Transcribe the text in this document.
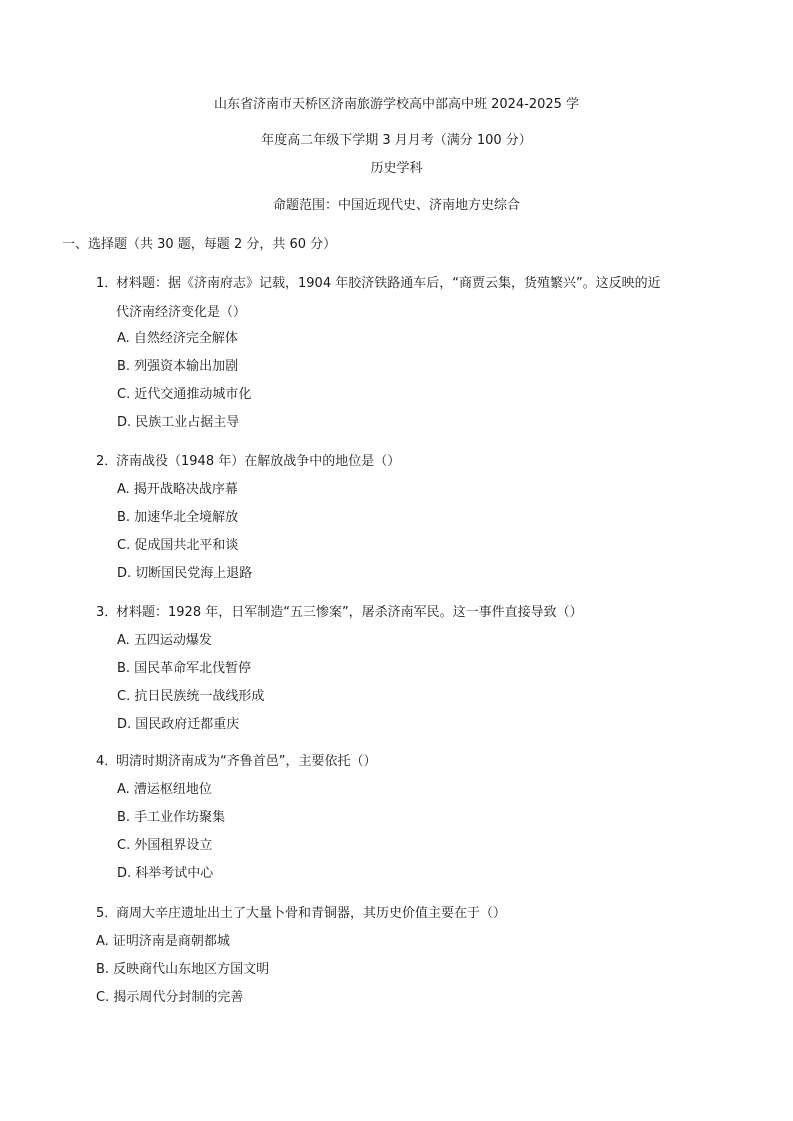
山东省济南市天桥区济南旅游学校高中部高中班 2024-2025 学
年度高二年级下学期 3 月月考（满分 100 分）
历史学科
命题范围：中国近现代史、济南地方史综合
一、选择题（共 30 题，每题 2 分，共 60 分）
1．材料题：据《济南府志》记载，1904 年胶济铁路通车后，“商贾云集，货殖繁兴”。这反映的近
代济南经济变化是（）
A. 自然经济完全解体
B. 列强资本输出加剧
C. 近代交通推动城市化
D. 民族工业占据主导
2．济南战役（1948 年）在解放战争中的地位是（）
A. 揭开战略决战序幕
B. 加速华北全境解放
C. 促成国共北平和谈
D. 切断国民党海上退路
3．材料题：1928 年，日军制造“五三惨案”，屠杀济南军民。这一事件直接导致（）
A. 五四运动爆发
B. 国民革命军北伐暂停
C. 抗日民族统一战线形成
D. 国民政府迁都重庆
4．明清时期济南成为“齐鲁首邑”，主要依托（）
A. 漕运枢纽地位
B. 手工业作坊聚集
C. 外国租界设立
D. 科举考试中心
5．商周大辛庄遗址出土了大量卜骨和青铜器，其历史价值主要在于（）
A. 证明济南是商朝都城
B. 反映商代山东地区方国文明
C. 揭示周代分封制的完善
